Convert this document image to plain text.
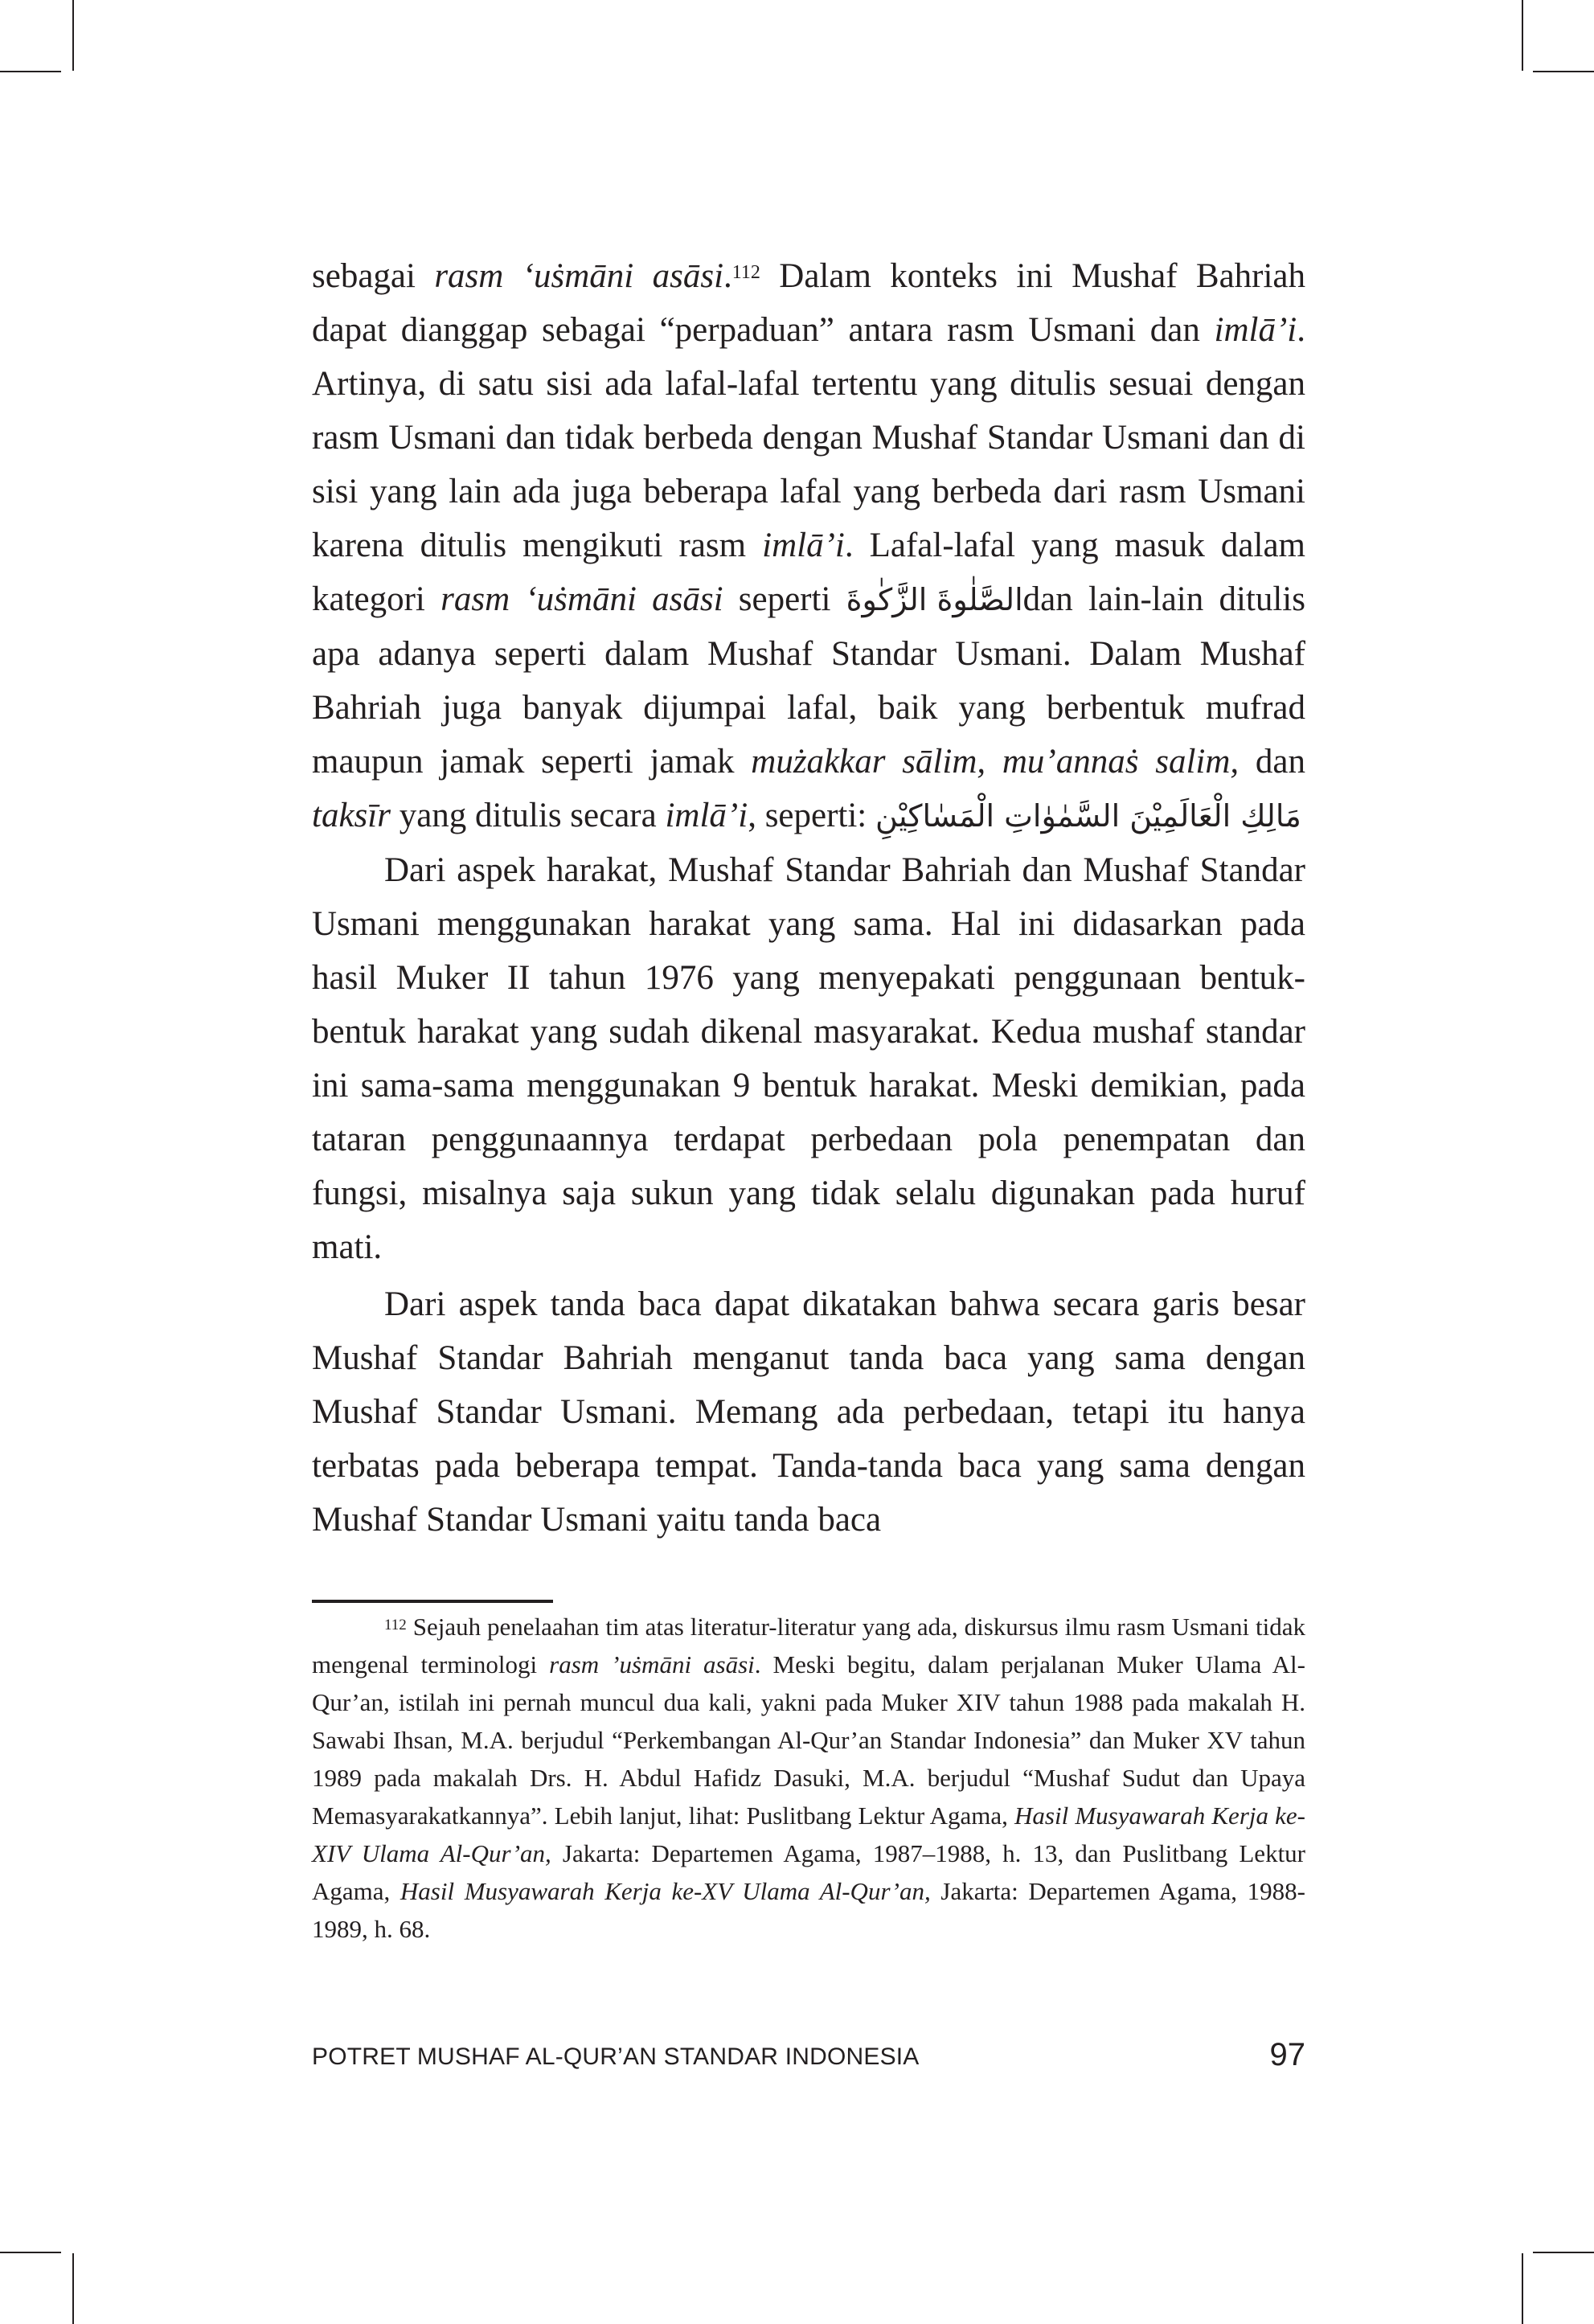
sebagai rasm ‘uṡmāni asāsi.$^{112}$ Dalam konteks ini Mushaf Bahriah dapat dianggap sebagai “perpaduan” antara rasm Usmani dan imlā’i. Artinya, di satu sisi ada lafal-lafal tertentu yang ditulis sesuai dengan rasm Usmani dan tidak berbeda dengan Mushaf Standar Usmani dan di sisi yang lain ada juga beberapa lafal yang berbeda dari rasm Usmani karena ditulis mengikuti rasm imlā’i. Lafal-lafal yang masuk dalam kategori rasm ‘uṡmāni asāsi seperti الصَّلٰوةَ الزَّكٰوةَdan lain-lain ditulis apa adanya seperti dalam Mushaf Standar Usmani. Dalam Mushaf Bahriah juga banyak dijumpai lafal, baik yang berbentuk mufrad maupun jamak seperti jamak mużakkar sālim, mu’annaṡ salim, dan taksīr yang ditulis secara imlā’i, seperti: مَالِكِ الْعَالَمِيْنَ السَّمٰوٰاتِ الْمَسٰاكِيْنِ

Dari aspek harakat, Mushaf Standar Bahriah dan Mushaf Standar Usmani menggunakan harakat yang sama. Hal ini didasarkan pada hasil Muker II tahun 1976 yang menyepakati penggunaan bentuk-bentuk harakat yang sudah dikenal masyarakat. Kedua mushaf standar ini sama-sama menggunakan 9 bentuk harakat. Meski demikian, pada tataran penggunaannya terdapat perbedaan pola penempatan dan fungsi, misalnya saja sukun yang tidak selalu digunakan pada huruf mati.

Dari aspek tanda baca dapat dikatakan bahwa secara garis besar Mushaf Standar Bahriah menganut tanda baca yang sama dengan Mushaf Standar Usmani. Memang ada perbedaan, tetapi itu hanya terbatas pada beberapa tempat. Tanda-tanda baca yang sama dengan Mushaf Standar Usmani yaitu tanda baca

$^{112}$ Sejauh penelaahan tim atas literatur-literatur yang ada, diskursus ilmu rasm Usmani tidak mengenal terminologi rasm ’uṡmāni asāsi. Meski begitu, dalam perjalanan Muker Ulama Al-Qur’an, istilah ini pernah muncul dua kali, yakni pada Muker XIV tahun 1988 pada makalah H. Sawabi Ihsan, M.A. berjudul “Perkembangan Al-Qur’an Standar Indonesia” dan Muker XV tahun 1989 pada makalah Drs. H. Abdul Hafidz Dasuki, M.A. berjudul “Mushaf Sudut dan Upaya Memasyarakatkannya”. Lebih lanjut, lihat: Puslitbang Lektur Agama, Hasil Musyawarah Kerja ke-XIV Ulama Al-Qur’an, Jakarta: Departemen Agama, 1987–1988, h. 13, dan Puslitbang Lektur Agama, Hasil Musyawarah Kerja ke-XV Ulama Al-Qur’an, Jakarta: Departemen Agama, 1988-1989, h. 68.

POTRET MUSHAF AL-QUR’AN STANDAR INDONESIA	97
